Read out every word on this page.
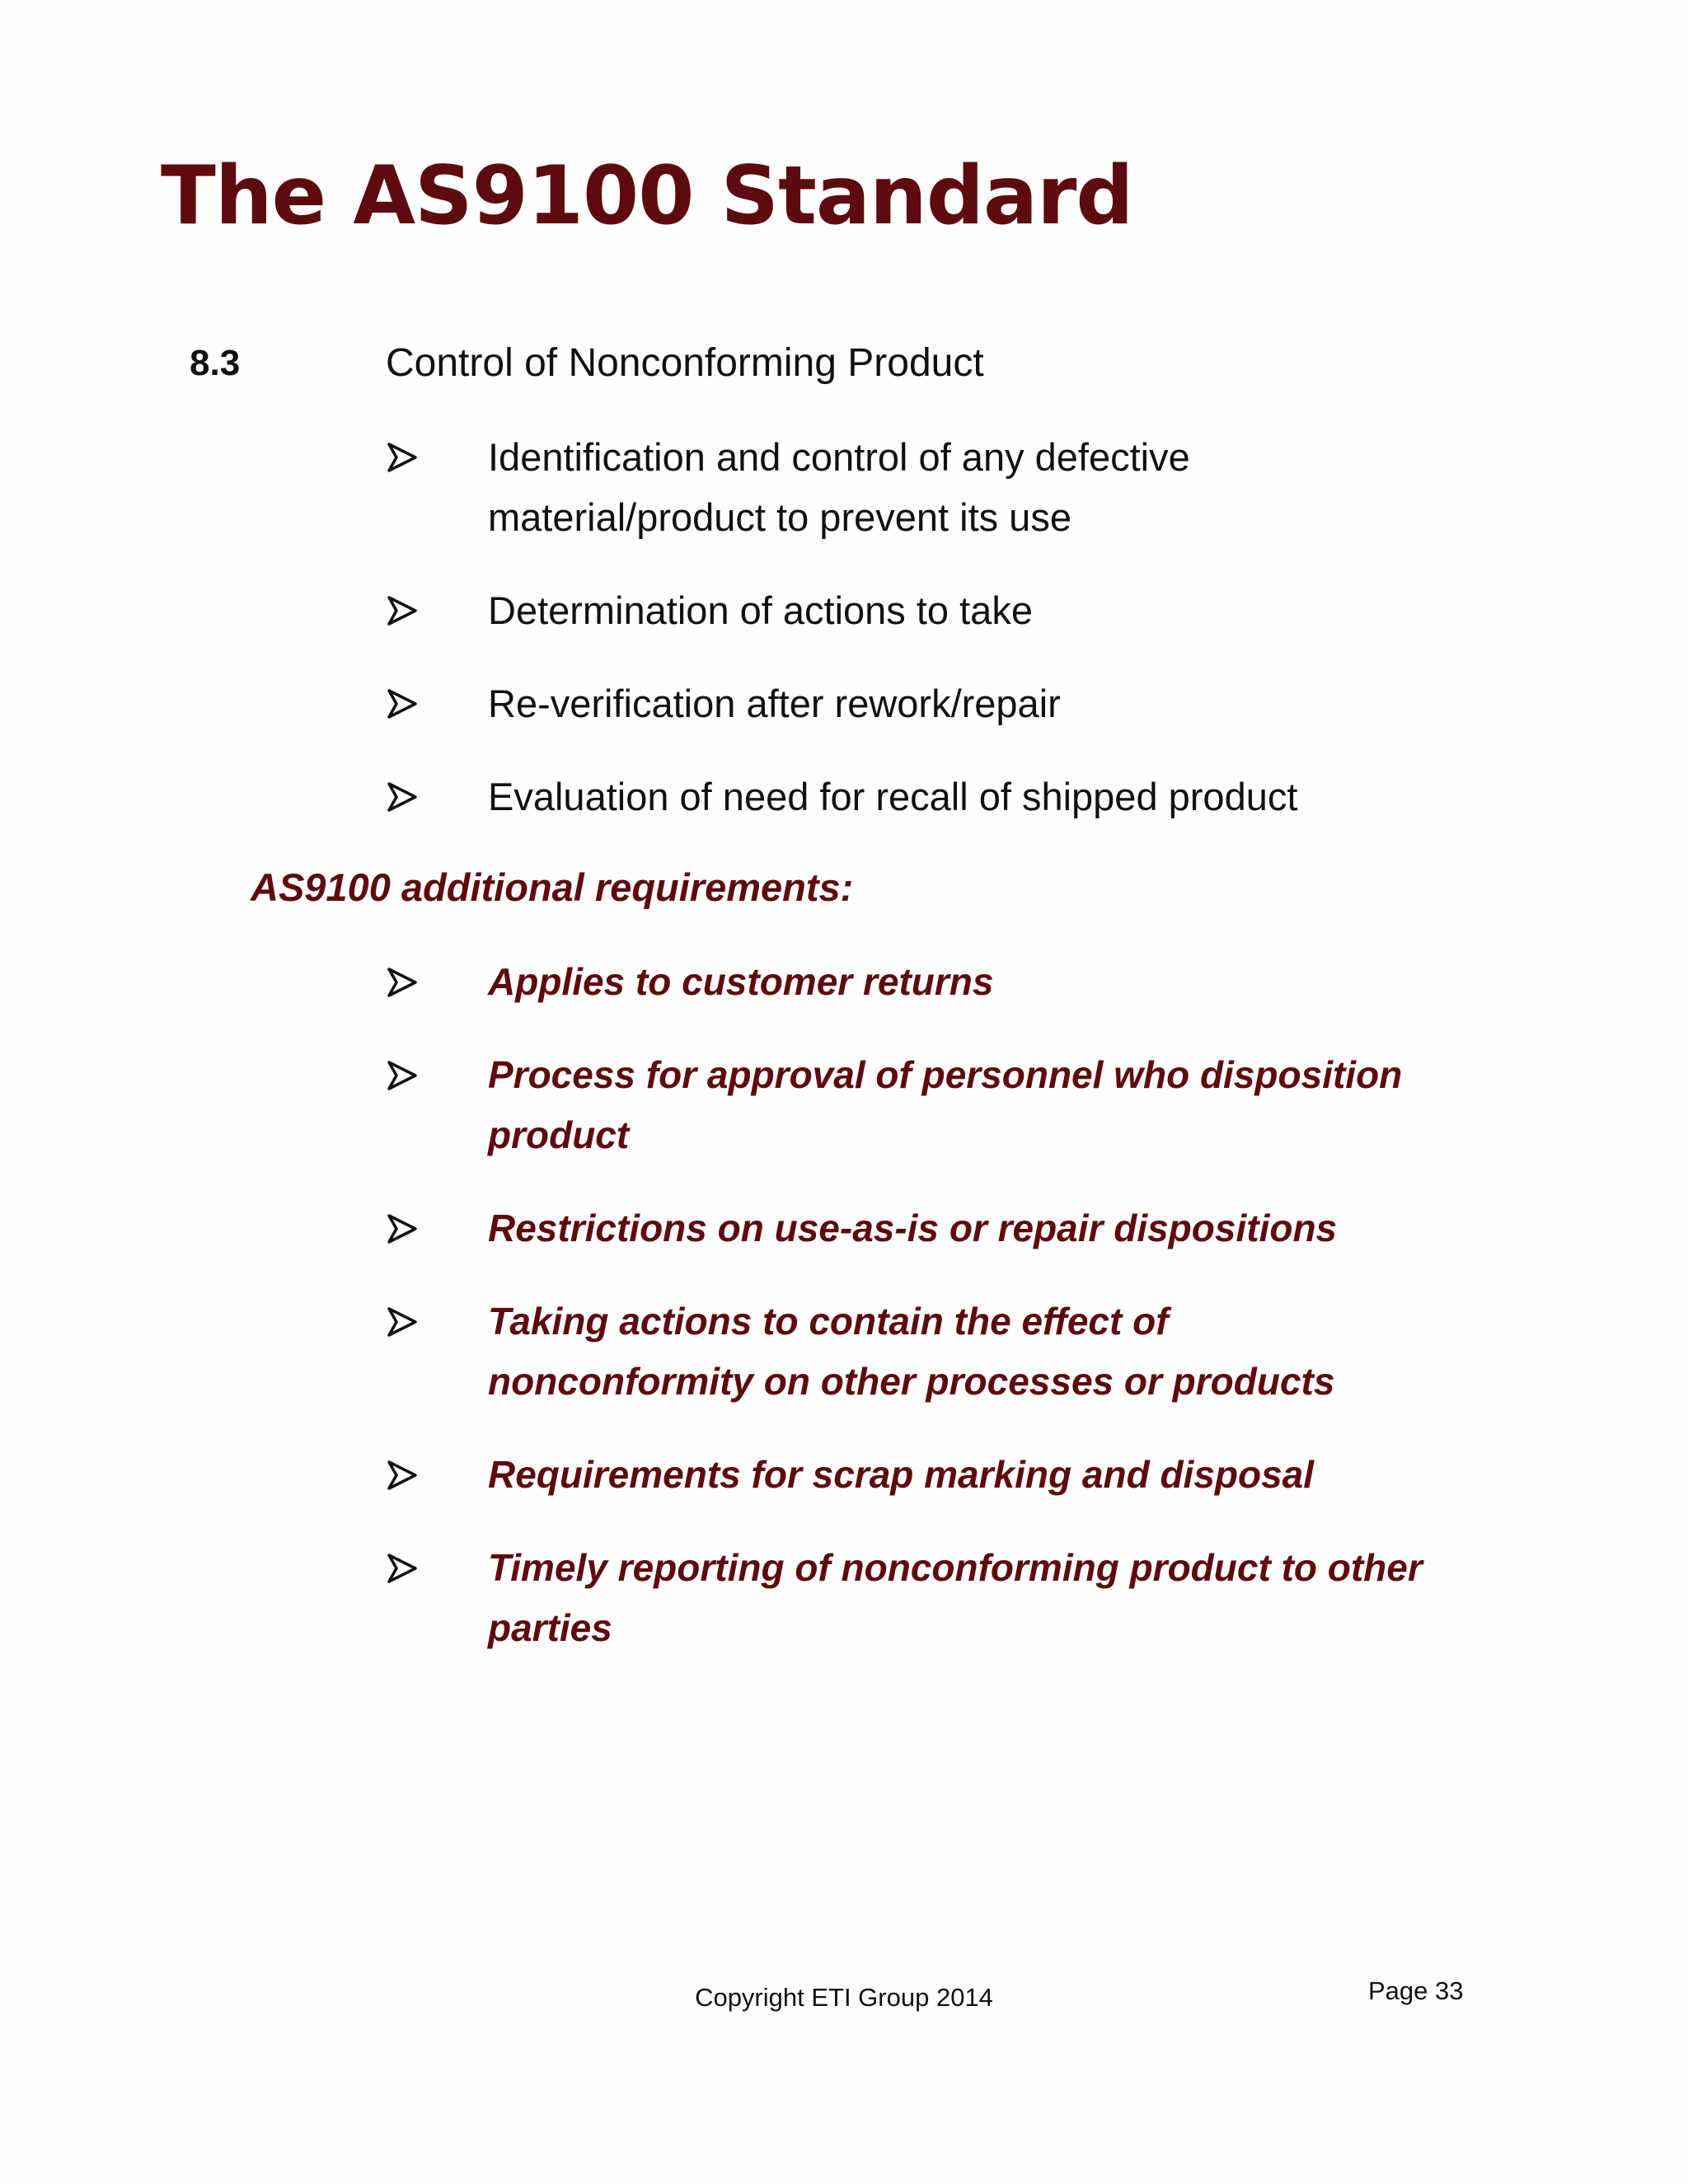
The AS9100 Standard
8.3	Control of Nonconforming Product
Identification and control of any defective material/product to prevent its use
Determination of actions to take
Re-verification after rework/repair
Evaluation of need for recall of shipped product
AS9100 additional requirements:
Applies to customer returns
Process for approval of personnel who disposition product
Restrictions on use-as-is or repair dispositions
Taking actions to contain the effect of nonconformity on other processes or products
Requirements for scrap marking and disposal
Timely reporting of nonconforming product to other parties
Copyright ETI Group 2014	Page 33
